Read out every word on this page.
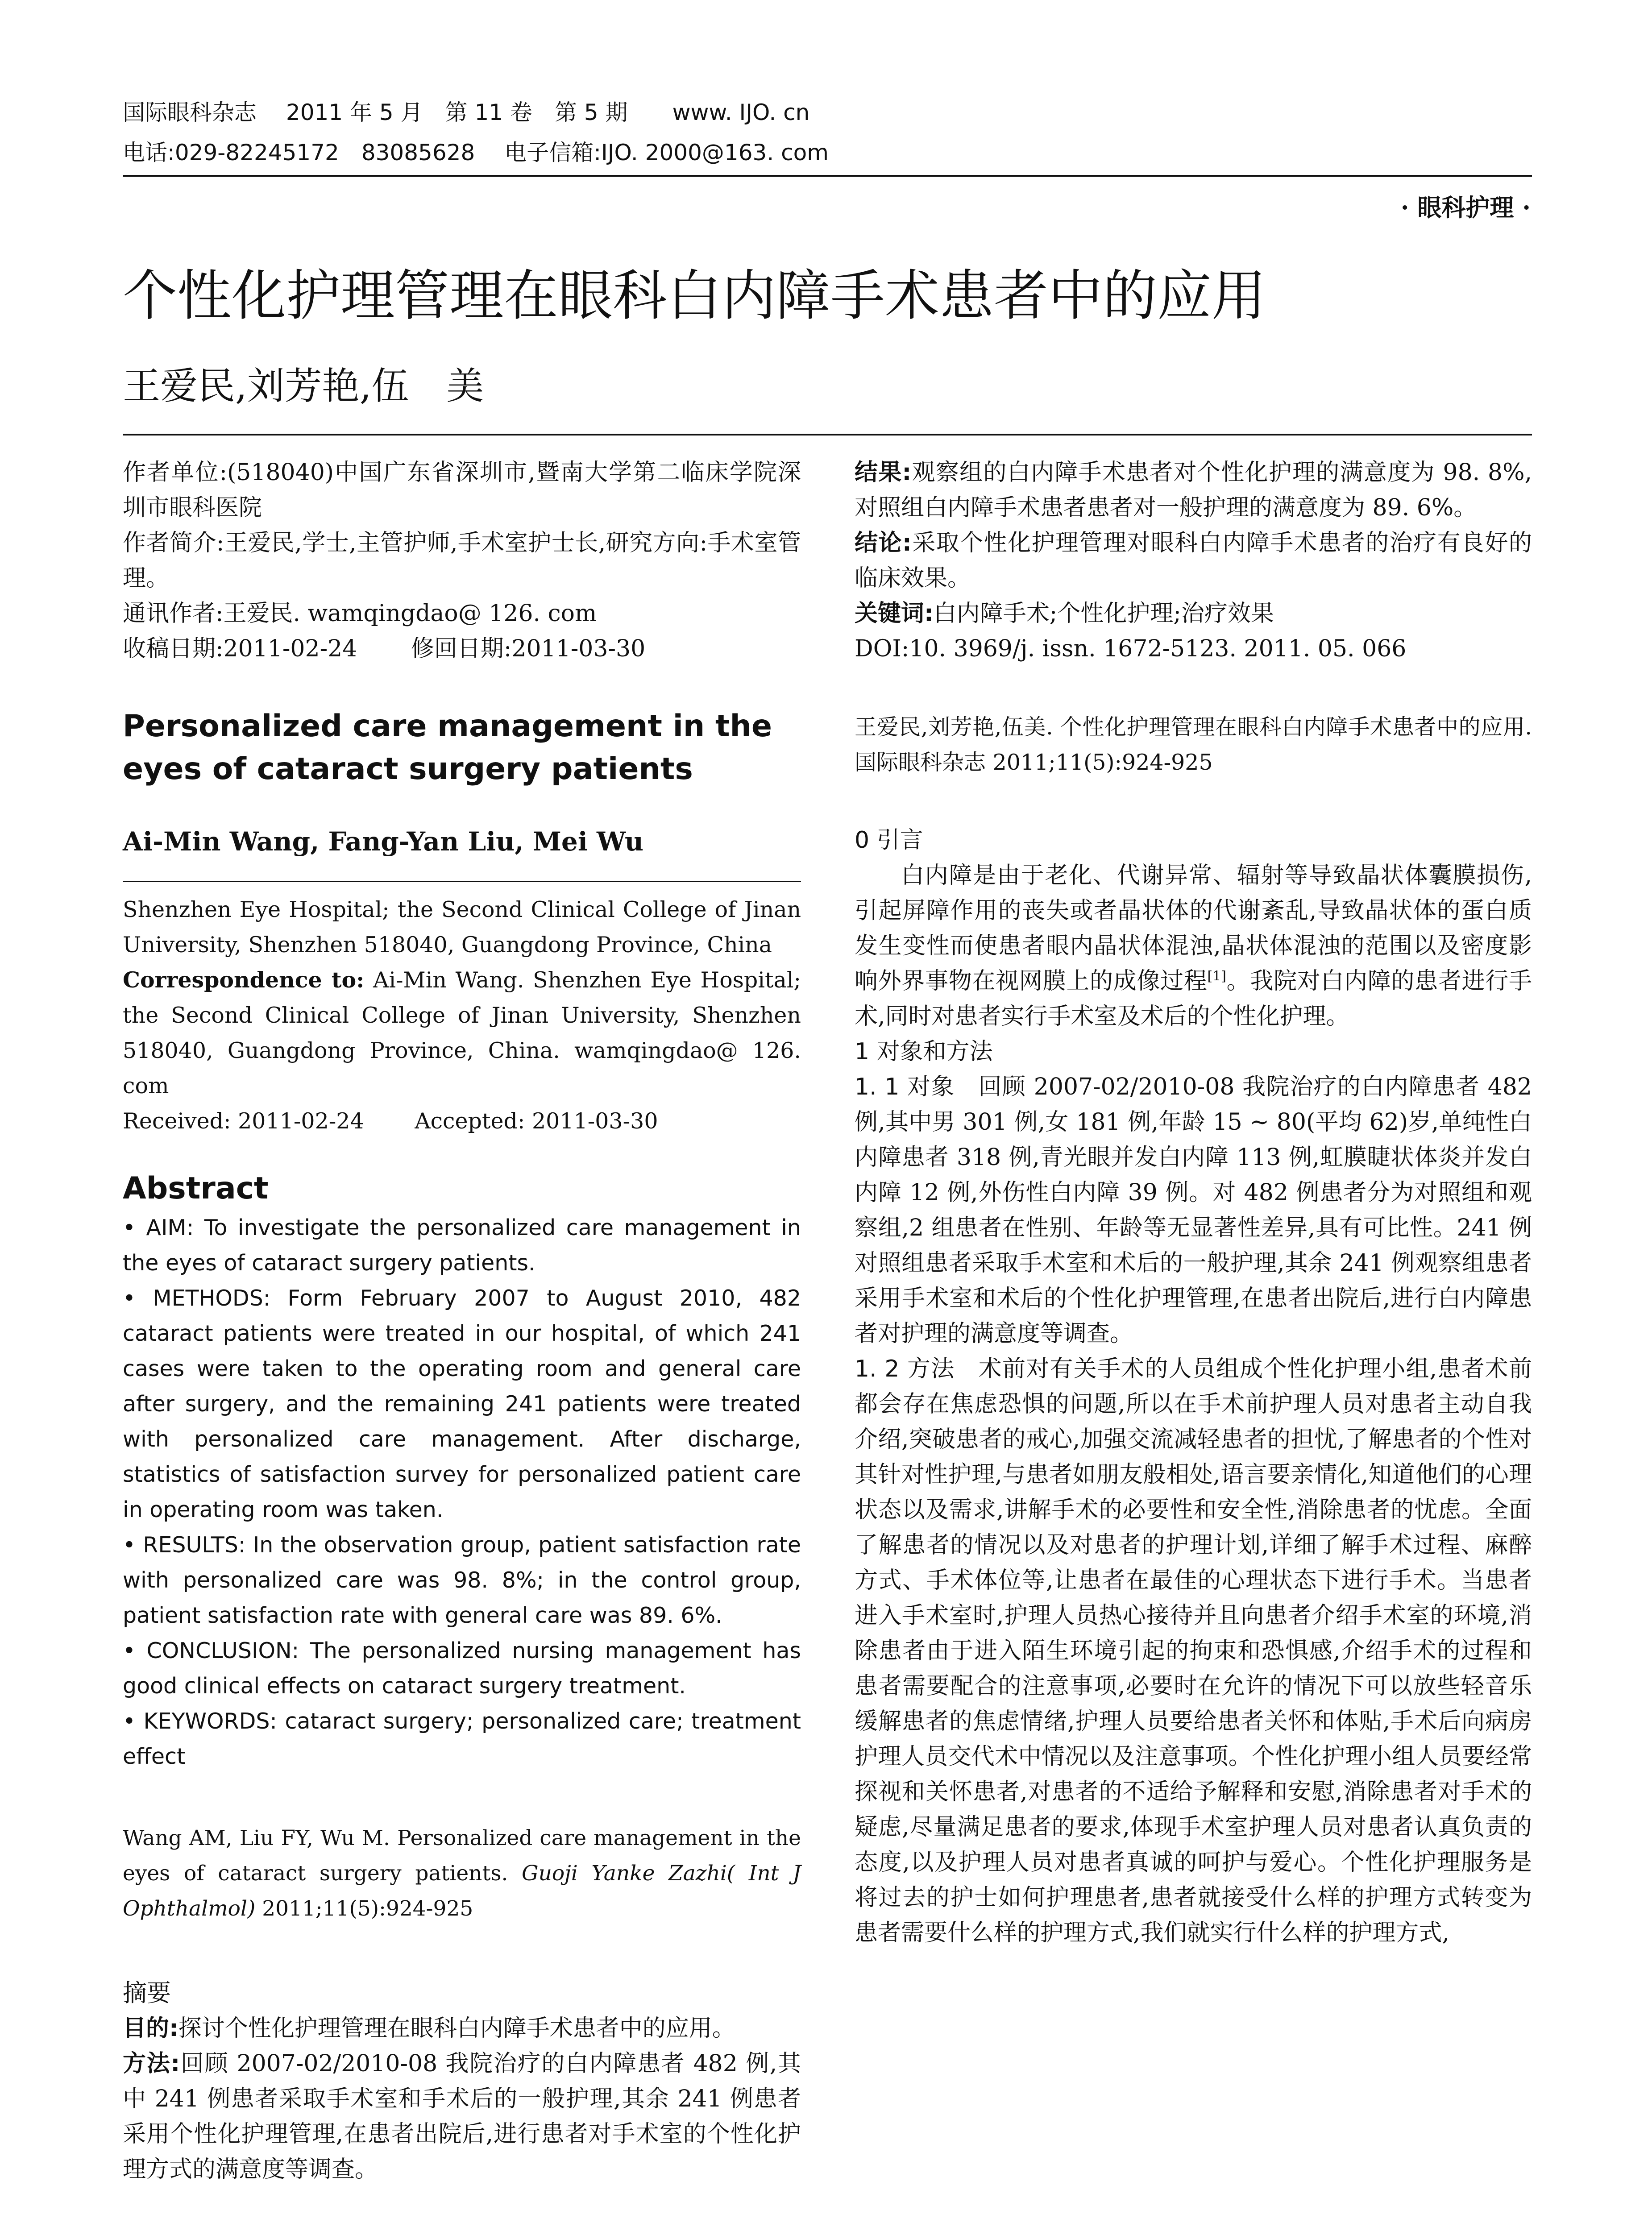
国际眼科杂志　 2011 年 5 月　第 11 卷　第 5 期　　www. IJO. cn
电话:029-82245172　83085628　 电子信箱:IJO. 2000@163. com
· 眼科护理 ·
个性化护理管理在眼科白内障手术患者中的应用
王爱民,刘芳艳,伍　美

作者单位:(518040)中国广东省深圳市,暨南大学第二临床学院深圳市眼科医院

作者简介:王爱民,学士,主管护师,手术室护士长,研究方向:手术室管理。

通讯作者:王爱民. wamqingdao@ 126. com

收稿日期:2011-02-24　　 修回日期:2011-03-30

Personalized care management in the eyes of cataract surgery patients
Ai-Min Wang, Fang-Yan Liu, Mei Wu

Shenzhen Eye Hospital; the Second Clinical College of Jinan University, Shenzhen 518040, Guangdong Province, China

Correspondence to: Ai-Min Wang. Shenzhen Eye Hospital; the Second Clinical College of Jinan University, Shenzhen 518040, Guangdong Province, China. wamqingdao@ 126. com

Received: 2011-02-24　　 Accepted: 2011-03-30

Abstract

• AIM: To investigate the personalized care management in the eyes of cataract surgery patients.

• METHODS: Form February 2007 to August 2010, 482 cataract patients were treated in our hospital, of which 241 cases were taken to the operating room and general care after surgery, and the remaining 241 patients were treated with personalized care management. After discharge, statistics of satisfaction survey for personalized patient care in operating room was taken.

• RESULTS: In the observation group, patient satisfaction rate with personalized care was 98. 8%; in the control group, patient satisfaction rate with general care was 89. 6%.

• CONCLUSION: The personalized nursing management has good clinical effects on cataract surgery treatment.

• KEYWORDS: cataract surgery; personalized care; treatment effect

Wang AM, Liu FY, Wu M. Personalized care management in the eyes of cataract surgery patients. Guoji Yanke Zazhi( Int J Ophthalmol) 2011;11(5):924-925

摘要

目的:探讨个性化护理管理在眼科白内障手术患者中的应用。

方法:回顾 2007-02/2010-08 我院治疗的白内障患者 482 例,其中 241 例患者采取手术室和手术后的一般护理,其余 241 例患者采用个性化护理管理,在患者出院后,进行患者对手术室的个性化护理方式的满意度等调查。

结果:观察组的白内障手术患者对个性化护理的满意度为 98. 8%,对照组白内障手术患者患者对一般护理的满意度为 89. 6%。

结论:采取个性化护理管理对眼科白内障手术患者的治疗有良好的临床效果。

关键词:白内障手术;个性化护理;治疗效果

DOI:10. 3969/j. issn. 1672-5123. 2011. 05. 066

王爱民,刘芳艳,伍美. 个性化护理管理在眼科白内障手术患者中的应用. 国际眼科杂志 2011;11(5):924-925

0 引言

白内障是由于老化、代谢异常、辐射等导致晶状体囊膜损伤,引起屏障作用的丧失或者晶状体的代谢紊乱,导致晶状体的蛋白质发生变性而使患者眼内晶状体混浊,晶状体混浊的范围以及密度影响外界事物在视网膜上的成像过程[1]。我院对白内障的患者进行手术,同时对患者实行手术室及术后的个性化护理。

1 对象和方法

1. 1 对象 回顾 2007-02/2010-08 我院治疗的白内障患者 482 例,其中男 301 例,女 181 例,年龄 15 ~ 80(平均 62)岁,单纯性白内障患者 318 例,青光眼并发白内障 113 例,虹膜睫状体炎并发白内障 12 例,外伤性白内障 39 例。对 482 例患者分为对照组和观察组,2 组患者在性别、年龄等无显著性差异,具有可比性。241 例对照组患者采取手术室和术后的一般护理,其余 241 例观察组患者采用手术室和术后的个性化护理管理,在患者出院后,进行白内障患者对护理的满意度等调查。

1. 2 方法 术前对有关手术的人员组成个性化护理小组,患者术前都会存在焦虑恐惧的问题,所以在手术前护理人员对患者主动自我介绍,突破患者的戒心,加强交流减轻患者的担忧,了解患者的个性对其针对性护理,与患者如朋友般相处,语言要亲情化,知道他们的心理状态以及需求,讲解手术的必要性和安全性,消除患者的忧虑。全面了解患者的情况以及对患者的护理计划,详细了解手术过程、麻醉方式、手术体位等,让患者在最佳的心理状态下进行手术。当患者进入手术室时,护理人员热心接待并且向患者介绍手术室的环境,消除患者由于进入陌生环境引起的拘束和恐惧感,介绍手术的过程和患者需要配合的注意事项,必要时在允许的情况下可以放些轻音乐缓解患者的焦虑情绪,护理人员要给患者关怀和体贴,手术后向病房护理人员交代术中情况以及注意事项。个性化护理小组人员要经常探视和关怀患者,对患者的不适给予解释和安慰,消除患者对手术的疑虑,尽量满足患者的要求,体现手术室护理人员对患者认真负责的态度,以及护理人员对患者真诚的呵护与爱心。个性化护理服务是将过去的护士如何护理患者,患者就接受什么样的护理方式转变为患者需要什么样的护理方式,我们就实行什么样的护理方式,
